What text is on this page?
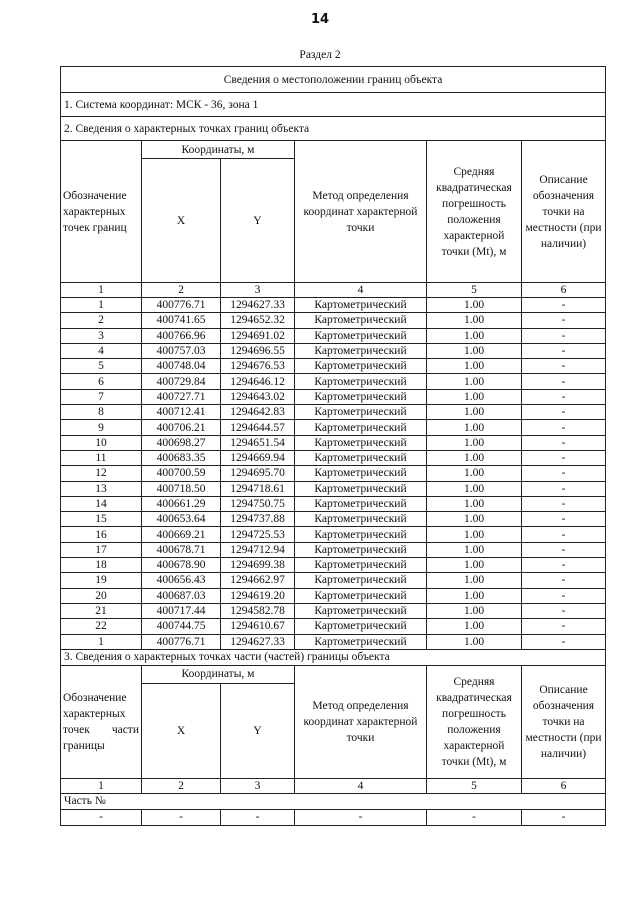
14
Раздел 2
Сведения о местоположении границ объекта					
1. Система координат: МСК - 36, зона 1					
2. Сведения о характерных точках границ объекта					
Обозначение характерных точек границ	Координаты, м		Метод определения координат характерной точки	Средняя квадратическая погрешность положения характерной точки (Mt), м	Описание обозначения точки на местности (при наличии)
	X	Y			
1	2	3	4	5	6
1	400776.71	1294627.33	Картометрический	1.00	-
2	400741.65	1294652.32	Картометрический	1.00	-
3	400766.96	1294691.02	Картометрический	1.00	-
4	400757.03	1294696.55	Картометрический	1.00	-
5	400748.04	1294676.53	Картометрический	1.00	-
6	400729.84	1294646.12	Картометрический	1.00	-
7	400727.71	1294643.02	Картометрический	1.00	-
8	400712.41	1294642.83	Картометрический	1.00	-
9	400706.21	1294644.57	Картометрический	1.00	-
10	400698.27	1294651.54	Картометрический	1.00	-
11	400683.35	1294669.94	Картометрический	1.00	-
12	400700.59	1294695.70	Картометрический	1.00	-
13	400718.50	1294718.61	Картометрический	1.00	-
14	400661.29	1294750.75	Картометрический	1.00	-
15	400653.64	1294737.88	Картометрический	1.00	-
16	400669.21	1294725.53	Картометрический	1.00	-
17	400678.71	1294712.94	Картометрический	1.00	-
18	400678.90	1294699.38	Картометрический	1.00	-
19	400656.43	1294662.97	Картометрический	1.00	-
20	400687.03	1294619.20	Картометрический	1.00	-
21	400717.44	1294582.78	Картометрический	1.00	-
22	400744.75	1294610.67	Картометрический	1.00	-
1	400776.71	1294627.33	Картометрический	1.00	-
3. Сведения о характерных точках части (частей) границы объекта					

Обозначение
характерных
точек части
границы	Координаты, м		Метод определения координат характерной точки	Средняя квадратическая погрешность положения характерной точки (Mt), м	Описание обозначения точки на местности (при наличии)
	X	Y			
1	2	3	4	5	6
Часть №					
-	-	-	-	-	-
